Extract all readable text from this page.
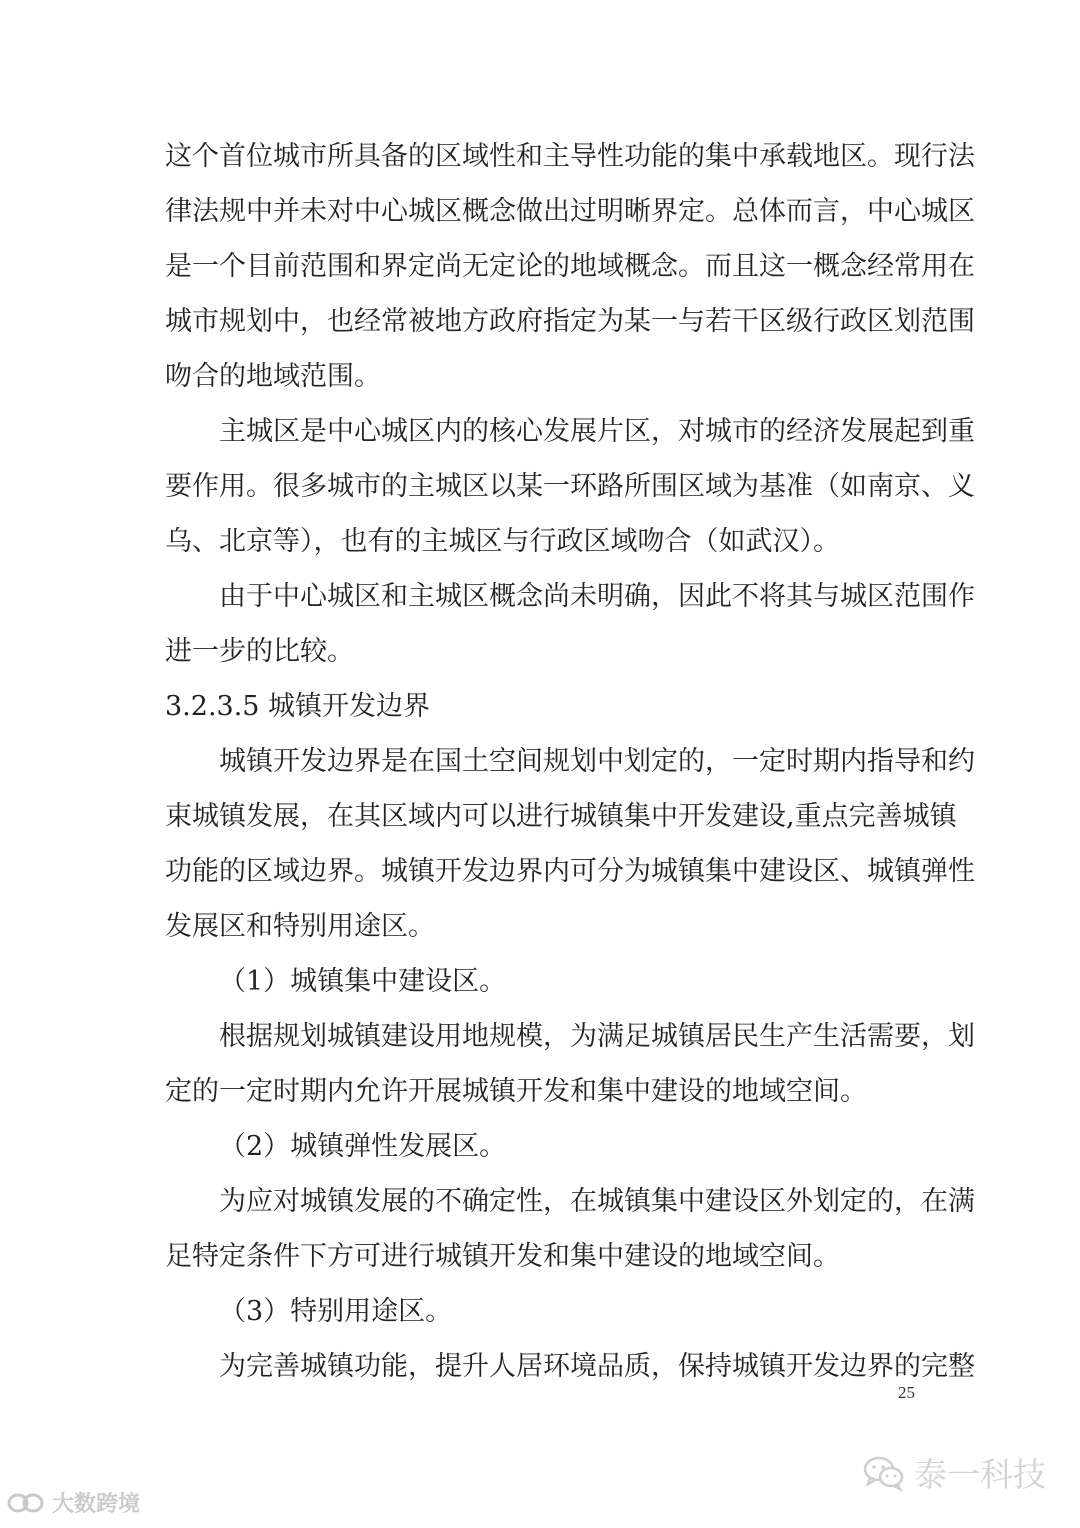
这个首位城市所具备的区域性和主导性功能的集中承载地区。现行法
律法规中并未对中心城区概念做出过明晰界定。总体而言，中心城区
是一个目前范围和界定尚无定论的地域概念。而且这一概念经常用在
城市规划中，也经常被地方政府指定为某一与若干区级行政区划范围
吻合的地域范围。
主城区是中心城区内的核心发展片区，对城市的经济发展起到重
要作用。很多城市的主城区以某一环路所围区域为基准（如南京、义
乌、北京等），也有的主城区与行政区域吻合（如武汉）。
由于中心城区和主城区概念尚未明确，因此不将其与城区范围作
进一步的比较。
3.2.3.5 城镇开发边界
城镇开发边界是在国土空间规划中划定的，一定时期内指导和约
束城镇发展，在其区域内可以进行城镇集中开发建设,重点完善城镇
功能的区域边界。城镇开发边界内可分为城镇集中建设区、城镇弹性
发展区和特别用途区。
（1）城镇集中建设区。
根据规划城镇建设用地规模，为满足城镇居民生产生活需要，划
定的一定时期内允许开展城镇开发和集中建设的地域空间。
（2）城镇弹性发展区。
为应对城镇发展的不确定性，在城镇集中建设区外划定的，在满
足特定条件下方可进行城镇开发和集中建设的地域空间。
（3）特别用途区。
为完善城镇功能，提升人居环境品质，保持城镇开发边界的完整
25
大数跨境
泰一科技
